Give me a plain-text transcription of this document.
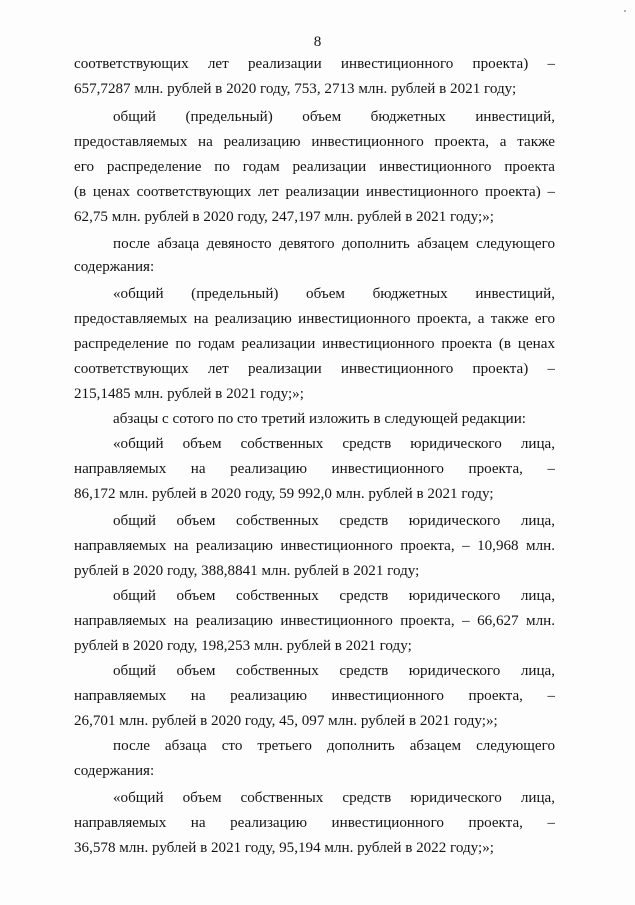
8
соответствующих лет реализации инвестиционного проекта) –
657,7287 млн. рублей в 2020 году, 753, 2713 млн. рублей в 2021 году;
общий (предельный) объем бюджетных инвестиций,
предоставляемых на реализацию инвестиционного проекта, а также
его распределение по годам реализации инвестиционного проекта
(в ценах соответствующих лет реализации инвестиционного проекта) –
62,75 млн. рублей в 2020 году, 247,197 млн. рублей в 2021 году;»;
после абзаца девяносто девятого дополнить абзацем следующего
содержания:
«общий (предельный) объем бюджетных инвестиций,
предоставляемых на реализацию инвестиционного проекта, а также его
распределение по годам реализации инвестиционного проекта (в ценах
соответствующих лет реализации инвестиционного проекта) –
215,1485 млн. рублей в 2021 году;»;
абзацы с сотого по сто третий изложить в следующей редакции:
«общий объем собственных средств юридического лица,
направляемых на реализацию инвестиционного проекта, –
86,172 млн. рублей в 2020 году, 59 992,0 млн. рублей в 2021 году;
общий объем собственных средств юридического лица,
направляемых на реализацию инвестиционного проекта, – 10,968 млн.
рублей в 2020 году, 388,8841 млн. рублей в 2021 году;
общий объем собственных средств юридического лица,
направляемых на реализацию инвестиционного проекта, – 66,627 млн.
рублей в 2020 году, 198,253 млн. рублей в 2021 году;
общий объем собственных средств юридического лица,
направляемых на реализацию инвестиционного проекта, –
26,701 млн. рублей в 2020 году, 45, 097 млн. рублей в 2021 году;»;
после абзаца сто третьего дополнить абзацем следующего
содержания:
«общий объем собственных средств юридического лица,
направляемых на реализацию инвестиционного проекта, –
36,578 млн. рублей в 2021 году, 95,194 млн. рублей в 2022 году;»;
